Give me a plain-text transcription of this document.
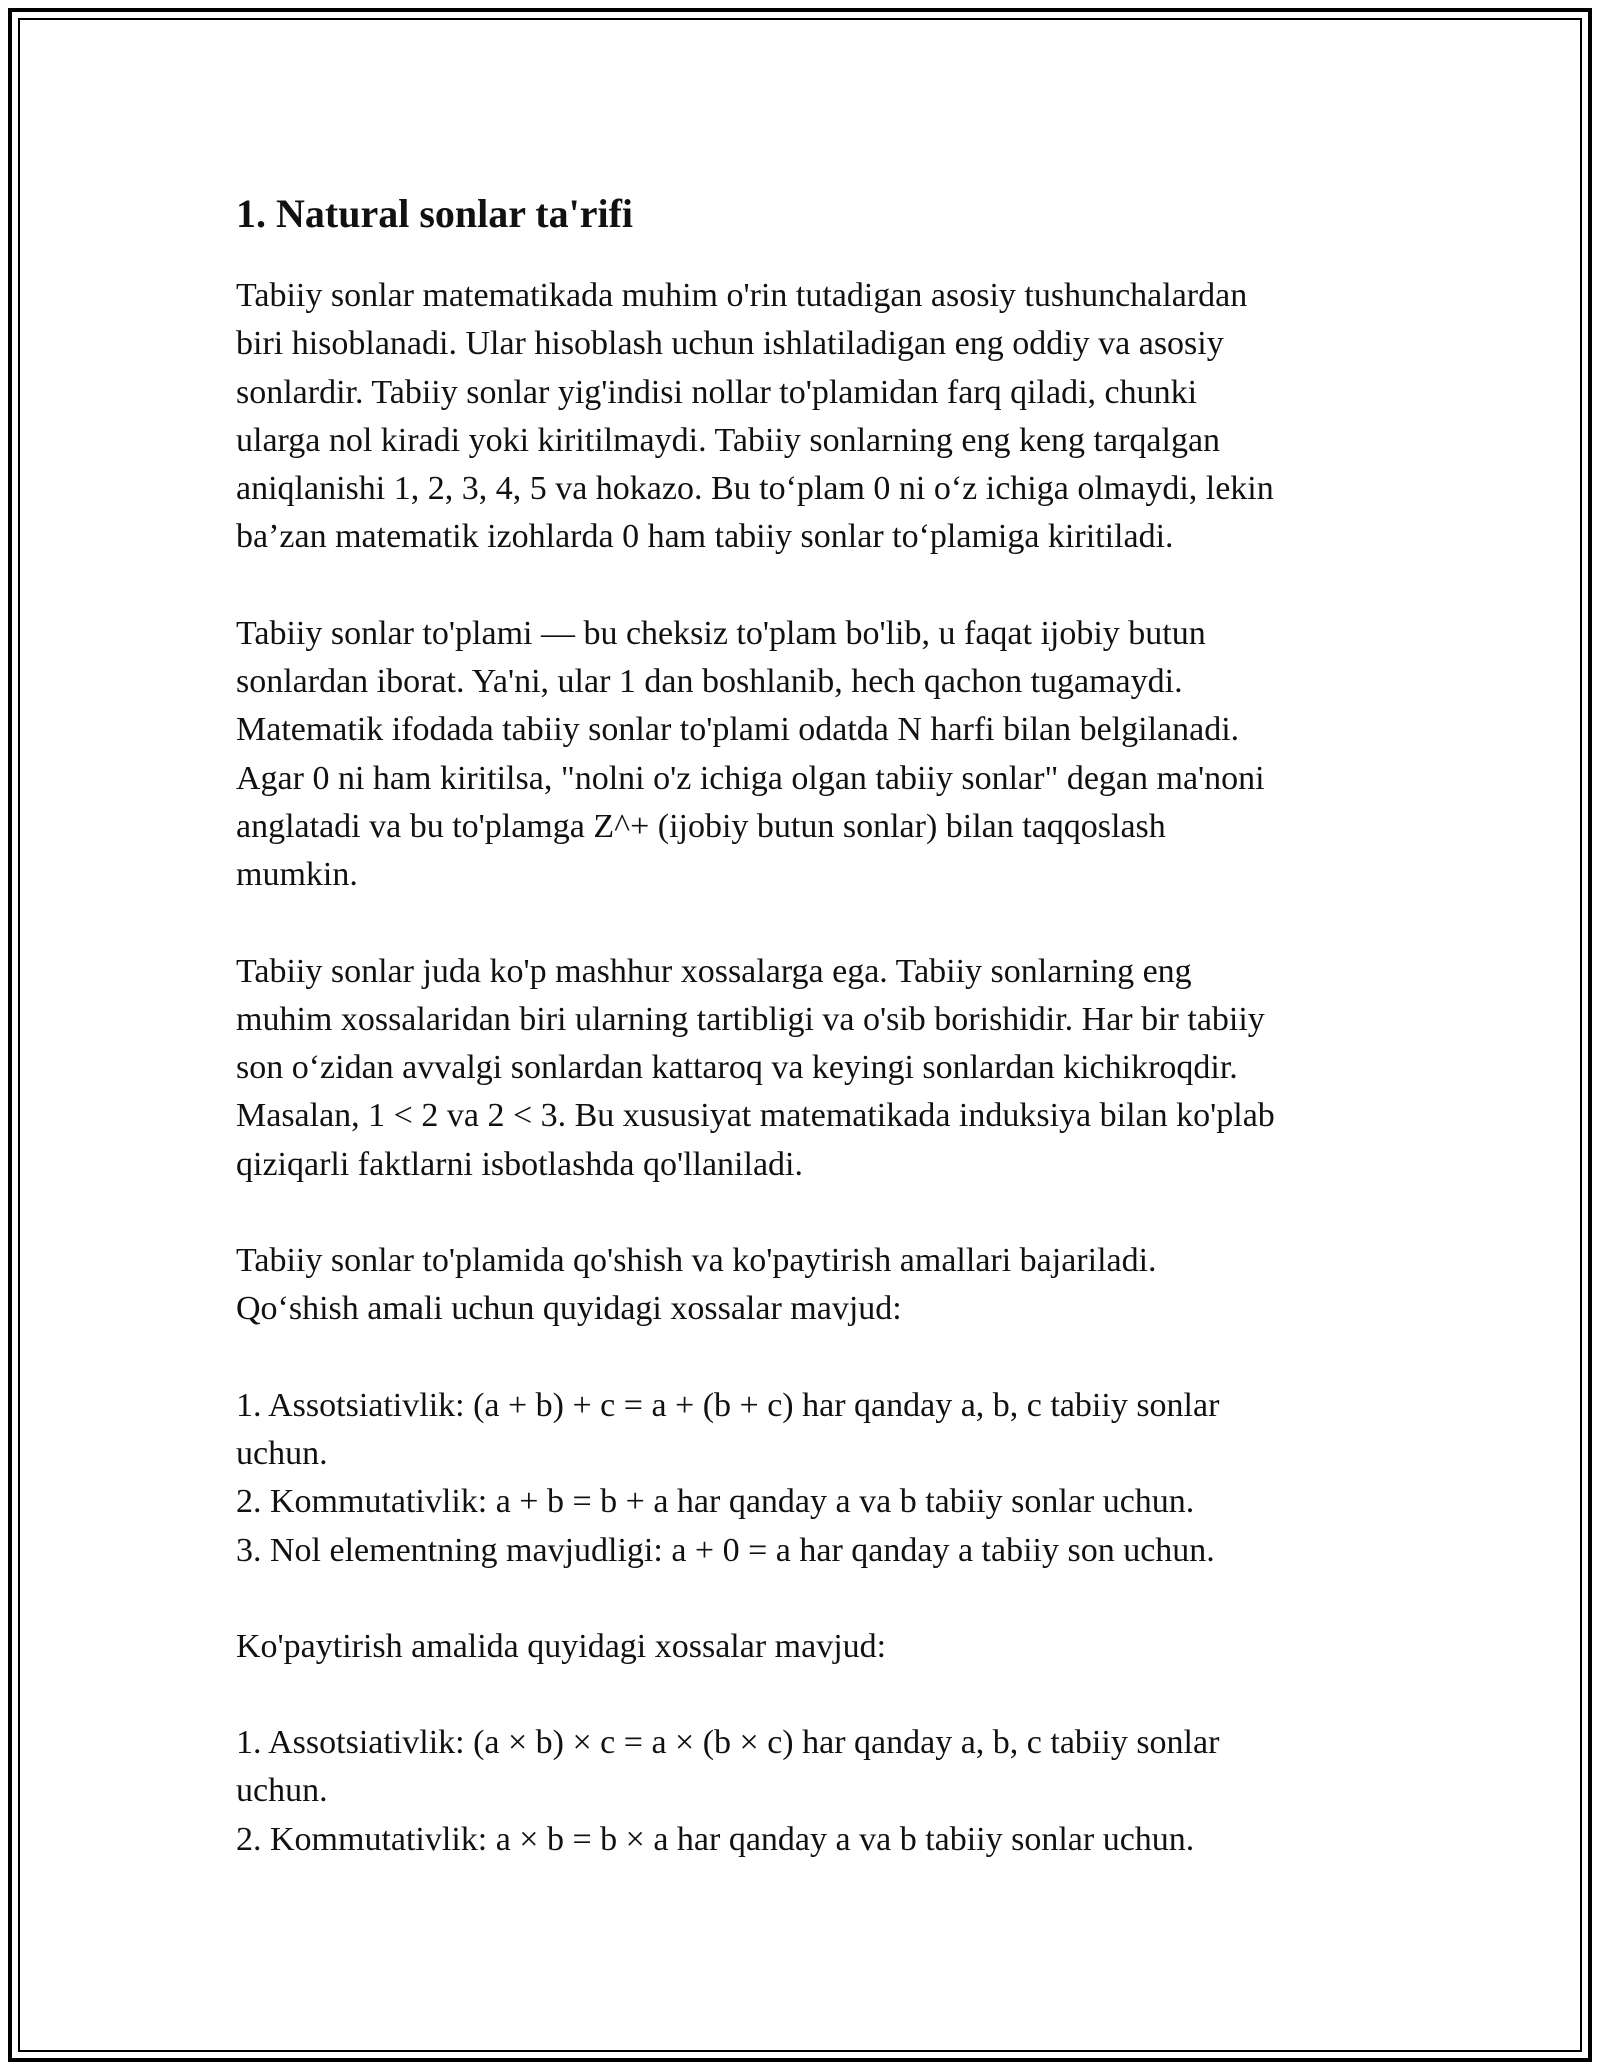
1. Natural sonlar ta'rifi

Tabiiy sonlar matematikada muhim o'rin tutadigan asosiy tushunchalardan
biri hisoblanadi. Ular hisoblash uchun ishlatiladigan eng oddiy va asosiy
sonlardir. Tabiiy sonlar yig'indisi nollar to'plamidan farq qiladi, chunki
ularga nol kiradi yoki kiritilmaydi. Tabiiy sonlarning eng keng tarqalgan
aniqlanishi 1, 2, 3, 4, 5 va hokazo. Bu to‘plam 0 ni o‘z ichiga olmaydi, lekin
ba’zan matematik izohlarda 0 ham tabiiy sonlar to‘plamiga kiritiladi.

Tabiiy sonlar to'plami — bu cheksiz to'plam bo'lib, u faqat ijobiy butun
sonlardan iborat. Ya'ni, ular 1 dan boshlanib, hech qachon tugamaydi.
Matematik ifodada tabiiy sonlar to'plami odatda N harfi bilan belgilanadi.
Agar 0 ni ham kiritilsa, "nolni o'z ichiga olgan tabiiy sonlar" degan ma'noni
anglatadi va bu to'plamga Z^+ (ijobiy butun sonlar) bilan taqqoslash
mumkin.

Tabiiy sonlar juda ko'p mashhur xossalarga ega. Tabiiy sonlarning eng
muhim xossalaridan biri ularning tartibligi va o'sib borishidir. Har bir tabiiy
son o‘zidan avvalgi sonlardan kattaroq va keyingi sonlardan kichikroqdir.
Masalan, 1 < 2 va 2 < 3. Bu xususiyat matematikada induksiya bilan ko'plab
qiziqarli faktlarni isbotlashda qo'llaniladi.

Tabiiy sonlar to'plamida qo'shish va ko'paytirish amallari bajariladi.
Qo‘shish amali uchun quyidagi xossalar mavjud:

1. Assotsiativlik: (a + b) + c = a + (b + c) har qanday a, b, c tabiiy sonlar
uchun.
2. Kommutativlik: a + b = b + a har qanday a va b tabiiy sonlar uchun.
3. Nol elementning mavjudligi: a + 0 = a har qanday a tabiiy son uchun.

Ko'paytirish amalida quyidagi xossalar mavjud:

1. Assotsiativlik: (a × b) × c = a × (b × c) har qanday a, b, c tabiiy sonlar
uchun.
2. Kommutativlik: a × b = b × a har qanday a va b tabiiy sonlar uchun.
